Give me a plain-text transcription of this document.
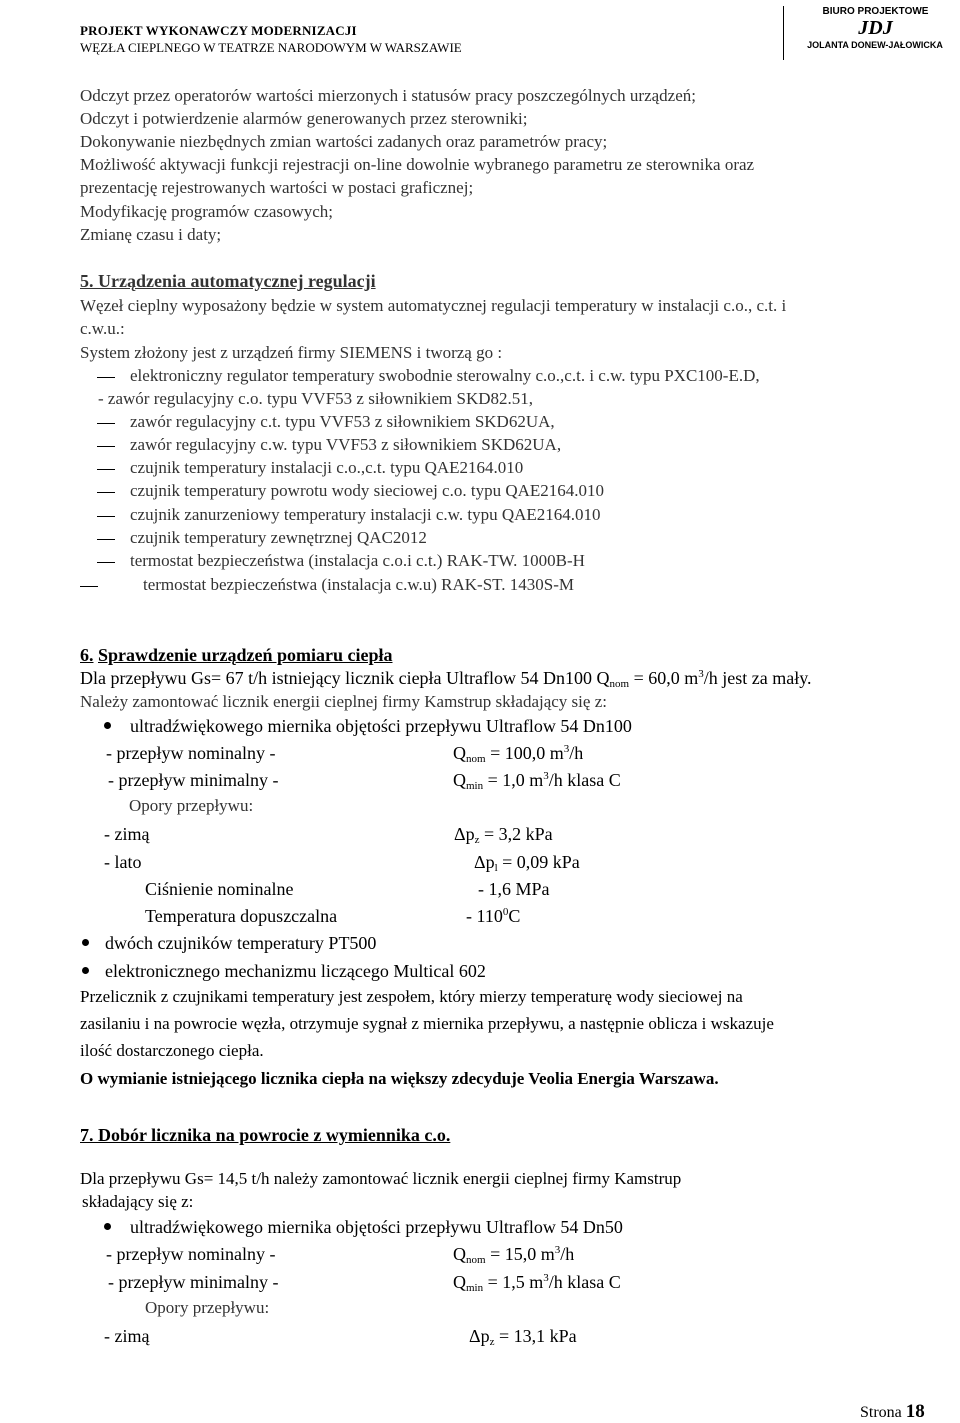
PROJEKT WYKONAWCZY MODERNIZACJI
WĘZŁA CIEPLNEGO W TEATRZE NARODOWYM W WARSZAWIE
BIURO PROJEKTOWE
JDJ
JOLANTA DONEW-JAŁOWICKA
Odczyt przez operatorów wartości mierzonych i statusów pracy poszczególnych urządzeń;
Odczyt i potwierdzenie alarmów generowanych przez sterowniki;
Dokonywanie niezbędnych zmian wartości zadanych oraz parametrów pracy;
Możliwość aktywacji funkcji rejestracji on-line dowolnie wybranego parametru ze sterownika oraz
prezentację rejestrowanych wartości w postaci graficznej;
Modyfikację programów czasowych;
Zmianę czasu i daty;
5. Urządzenia automatycznej regulacji
Węzeł cieplny wyposażony będzie w system automatycznej regulacji temperatury w instalacji c.o., c.t. i
c.w.u.:
System złożony jest z urządzeń firmy SIEMENS i tworzą go :
elektroniczny regulator temperatury swobodnie sterowalny c.o.,c.t. i c.w. typu PXC100-E.D,
- zawór regulacyjny c.o. typu VVF53 z siłownikiem SKD82.51,
zawór regulacyjny c.t. typu VVF53 z siłownikiem SKD62UA,
zawór regulacyjny c.w. typu VVF53 z siłownikiem SKD62UA,
czujnik temperatury instalacji c.o.,c.t. typu QAE2164.010
czujnik temperatury powrotu wody sieciowej c.o. typu QAE2164.010
czujnik zanurzeniowy temperatury instalacji c.w. typu QAE2164.010
czujnik temperatury zewnętrznej QAC2012
termostat bezpieczeństwa (instalacja c.o.i c.t.) RAK-TW. 1000B-H
termostat bezpieczeństwa (instalacja c.w.u) RAK-ST. 1430S-M
6. Sprawdzenie urządzeń pomiaru ciepła
Dla przepływu Gs= 67 t/h istniejący licznik ciepła Ultraflow 54 Dn100 $Q_{nom} = 60,0$ $m^3/h$ jest za mały.
Należy zamontować licznik energii cieplnej firmy Kamstrup składający się z:
ultradźwiękowego miernika objętości przepływu Ultraflow 54 Dn100
- przepływ nominalny -	$Q_{nom} = 100,0$ $m^3/h$
- przepływ minimalny -	$Q_{min} = 1,0$ $m^3/h$ klasa C
Opory przepływu:
- zimą	$\Delta p_z = 3,2$ kPa
- lato	$\Delta p_l = 0,09$ kPa
Ciśnienie nominalne	- 1,6 MPa
Temperatura dopuszczalna	- $110^0C$
dwóch czujników temperatury PT500
elektronicznego mechanizmu liczącego Multical 602
Przelicznik z czujnikami temperatury jest zespołem, który mierzy temperaturę wody sieciowej na
zasilaniu i na powrocie węzła, otrzymuje sygnał z miernika przepływu, a następnie oblicza i wskazuje
ilość dostarczonego ciepła.
O wymianie istniejącego licznika ciepła na większy zdecyduje Veolia Energia Warszawa.
7. Dobór licznika na powrocie z wymiennika c.o.
Dla przepływu Gs= 14,5 t/h należy zamontować licznik energii cieplnej firmy Kamstrup
składający się z:
ultradźwiękowego miernika objętości przepływu Ultraflow 54 Dn50
- przepływ nominalny -	$Q_{nom} = 15,0$ $m^3/h$
- przepływ minimalny -	$Q_{min} = 1,5$ $m^3/h$ klasa C
Opory przepływu:
- zimą	$\Delta p_z = 13,1$ kPa
Strona 18
